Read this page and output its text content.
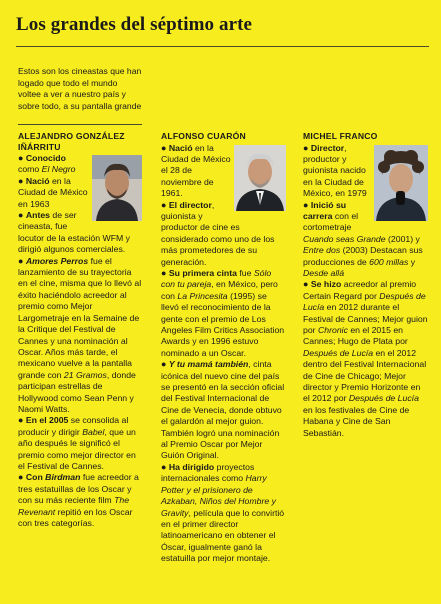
Los grandes del séptimo arte
Estos son los cineastas que han logado que todo el mundo voltee a ver a nuestro país y sobre todo, a su pantalla grande
ALEJANDRO GONZÁLEZ IÑÁRRITU

● Conocido como El Negro

● Nació en la Ciudad de México en 1963

● Antes de ser cineasta, fue locutor de la estación WFM y dirigió algunos comerciales.

● Amores Perros fue el lanzamiento de su trayectoria en el cine, misma que lo llevó al éxito haciéndolo acreedor al premio como Mejor Largometraje en la Semaine de la Critique del Festival de Cannes y una nominación al Oscar. Años más tarde, el mexicano vuelve a la pantalla grande con 21 Gramos, donde participan estrellas de Hollywood como Sean Penn y Naomi Watts.

● En el 2005 se consolida al producir y dirigir Babel, que un año después le significó el premio como mejor director en el Festival de Cannes.

● Con Birdman fue acreedor a tres estatuillas de los Oscar y con su más reciente film The Revenant repitió en los Oscar con tres categorías.

ALFONSO CUARÓN

● Nació en la Ciudad de México el 28 de noviembre de 1961.

● El director, guionista y productor de cine es considerado como uno de los más prometedores de su generación.

● Su primera cinta fue Sólo con tu pareja, en México, pero con La Princesita (1995) se llevó el reconocimiento de la gente con el premio de Los Angeles Film Critics Association Awards y en 1996 estuvo nominado a un Oscar.

● Y tu mamá también, cinta icónica del nuevo cine del país se presentó en la sección oficial del Festival Internacional de Cine de Venecia, donde obtuvo el galardón al mejor guion. También logró una nominación al Premio Oscar por Mejor Guión Original.

● Ha dirigido proyectos internacionales como Harry Potter y el prisionero de Azkaban, Niños del Hombre y Gravity, película que lo convirtió en el primer director latinoamericano en obtener el Óscar, igualmente ganó la estatuilla por mejor montaje.

MICHEL FRANCO

● Director, productor y guionista nacido en la Ciudad de México, en 1979

● Inició su carrera con el cortometraje Cuando seas Grande (2001) y Entre dos (2003) Destacan sus producciones de 600 millas y Desde allá

● Se hizo acreedor al premio Certain Regard por Después de Lucía en 2012 durante el Festival de Cannes; Mejor guion por Chronic en el 2015 en Cannes; Hugo de Plata por Después de Lucía en el 2012 dentro del Festival Internacional de Cine de Chicago; Mejor director y Premio Horizonte en el 2012 por Después de Lucía en los festivales de Cine de Habana y Cine de San Sebastián.
